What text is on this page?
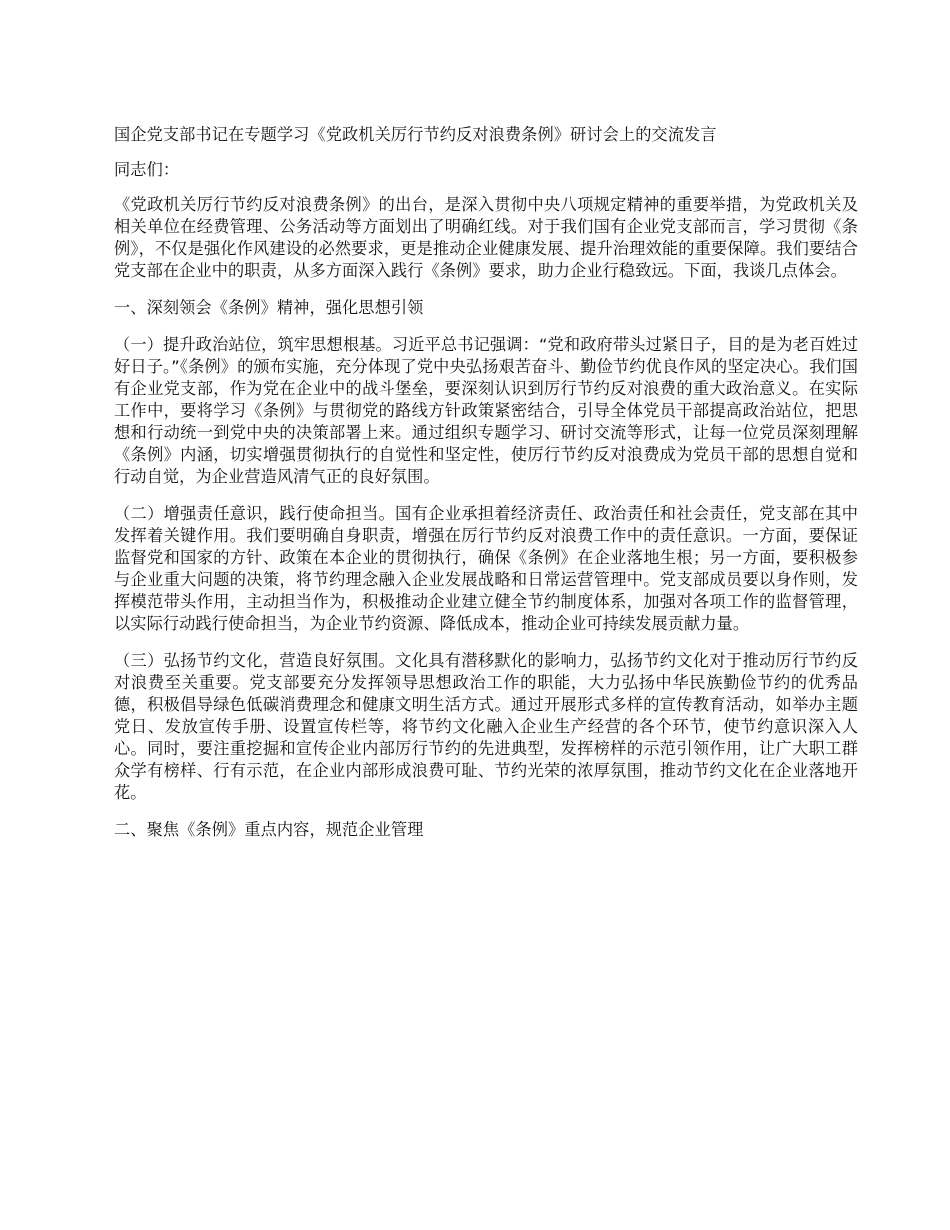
国企党支部书记在专题学习《党政机关厉行节约反对浪费条例》研讨会上的交流发言

同志们：

《党政机关厉行节约反对浪费条例》的出台，是深入贯彻中央八项规定精神的重要举措，为党政机关及相关单位在经费管理、公务活动等方面划出了明确红线。对于我们国有企业党支部而言，学习贯彻《条例》，不仅是强化作风建设的必然要求，更是推动企业健康发展、提升治理效能的重要保障。我们要结合党支部在企业中的职责，从多方面深入践行《条例》要求，助力企业行稳致远。下面，我谈几点体会。

一、深刻领会《条例》精神，强化思想引领

（一）提升政治站位，筑牢思想根基。习近平总书记强调：“党和政府带头过紧日子，目的是为老百姓过好日子。”《条例》的颁布实施，充分体现了党中央弘扬艰苦奋斗、勤俭节约优良作风的坚定决心。我们国有企业党支部，作为党在企业中的战斗堡垒，要深刻认识到厉行节约反对浪费的重大政治意义。在实际工作中，要将学习《条例》与贯彻党的路线方针政策紧密结合，引导全体党员干部提高政治站位，把思想和行动统一到党中央的决策部署上来。通过组织专题学习、研讨交流等形式，让每一位党员深刻理解《条例》内涵，切实增强贯彻执行的自觉性和坚定性，使厉行节约反对浪费成为党员干部的思想自觉和行动自觉，为企业营造风清气正的良好氛围。

（二）增强责任意识，践行使命担当。国有企业承担着经济责任、政治责任和社会责任，党支部在其中发挥着关键作用。我们要明确自身职责，增强在厉行节约反对浪费工作中的责任意识。一方面，要保证监督党和国家的方针、政策在本企业的贯彻执行，确保《条例》在企业落地生根；另一方面，要积极参与企业重大问题的决策，将节约理念融入企业发展战略和日常运营管理中。党支部成员要以身作则，发挥模范带头作用，主动担当作为，积极推动企业建立健全节约制度体系，加强对各项工作的监督管理，以实际行动践行使命担当，为企业节约资源、降低成本，推动企业可持续发展贡献力量。

（三）弘扬节约文化，营造良好氛围。文化具有潜移默化的影响力，弘扬节约文化对于推动厉行节约反对浪费至关重要。党支部要充分发挥领导思想政治工作的职能，大力弘扬中华民族勤俭节约的优秀品德，积极倡导绿色低碳消费理念和健康文明生活方式。通过开展形式多样的宣传教育活动，如举办主题党日、发放宣传手册、设置宣传栏等，将节约文化融入企业生产经营的各个环节，使节约意识深入人心。同时，要注重挖掘和宣传企业内部厉行节约的先进典型，发挥榜样的示范引领作用，让广大职工群众学有榜样、行有示范，在企业内部形成浪费可耻、节约光荣的浓厚氛围，推动节约文化在企业落地开花。

二、聚焦《条例》重点内容，规范企业管理
